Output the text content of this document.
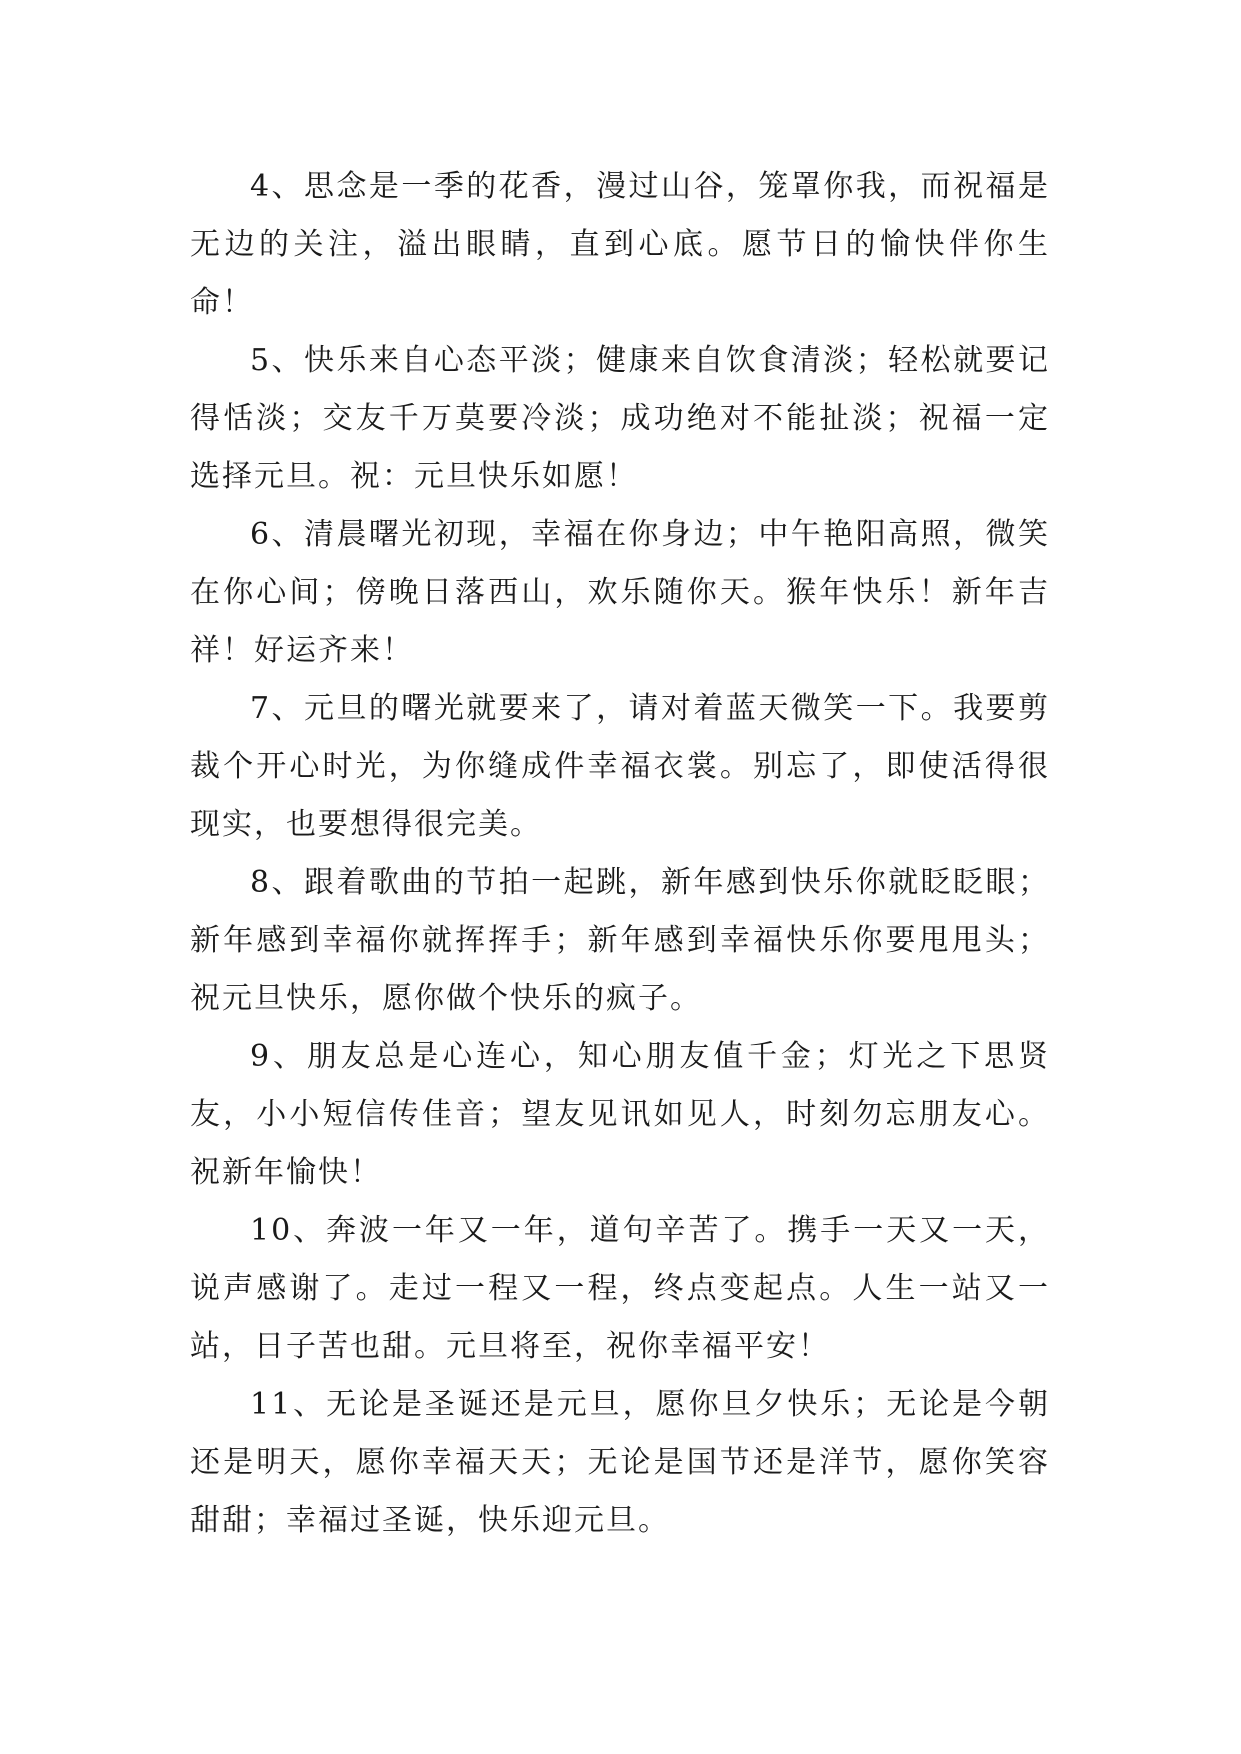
4、思念是一季的花香，漫过山谷，笼罩你我，而祝福是无边的关注，溢出眼睛，直到心底。愿节日的愉快伴你生命！

5、快乐来自心态平淡；健康来自饮食清淡；轻松就要记得恬淡；交友千万莫要冷淡；成功绝对不能扯淡；祝福一定选择元旦。祝：元旦快乐如愿！

6、清晨曙光初现，幸福在你身边；中午艳阳高照，微笑在你心间；傍晚日落西山，欢乐随你天。猴年快乐！新年吉祥！好运齐来！

7、元旦的曙光就要来了，请对着蓝天微笑一下。我要剪裁个开心时光，为你缝成件幸福衣裳。别忘了，即使活得很现实，也要想得很完美。

8、跟着歌曲的节拍一起跳，新年感到快乐你就眨眨眼；新年感到幸福你就挥挥手；新年感到幸福快乐你要甩甩头；祝元旦快乐，愿你做个快乐的疯子。

9、朋友总是心连心，知心朋友值千金；灯光之下思贤友，小小短信传佳音；望友见讯如见人，时刻勿忘朋友心。祝新年愉快！

10、奔波一年又一年，道句辛苦了。携手一天又一天，说声感谢了。走过一程又一程，终点变起点。人生一站又一站，日子苦也甜。元旦将至，祝你幸福平安！

11、无论是圣诞还是元旦，愿你旦夕快乐；无论是今朝还是明天，愿你幸福天天；无论是国节还是洋节，愿你笑容甜甜；幸福过圣诞，快乐迎元旦。
